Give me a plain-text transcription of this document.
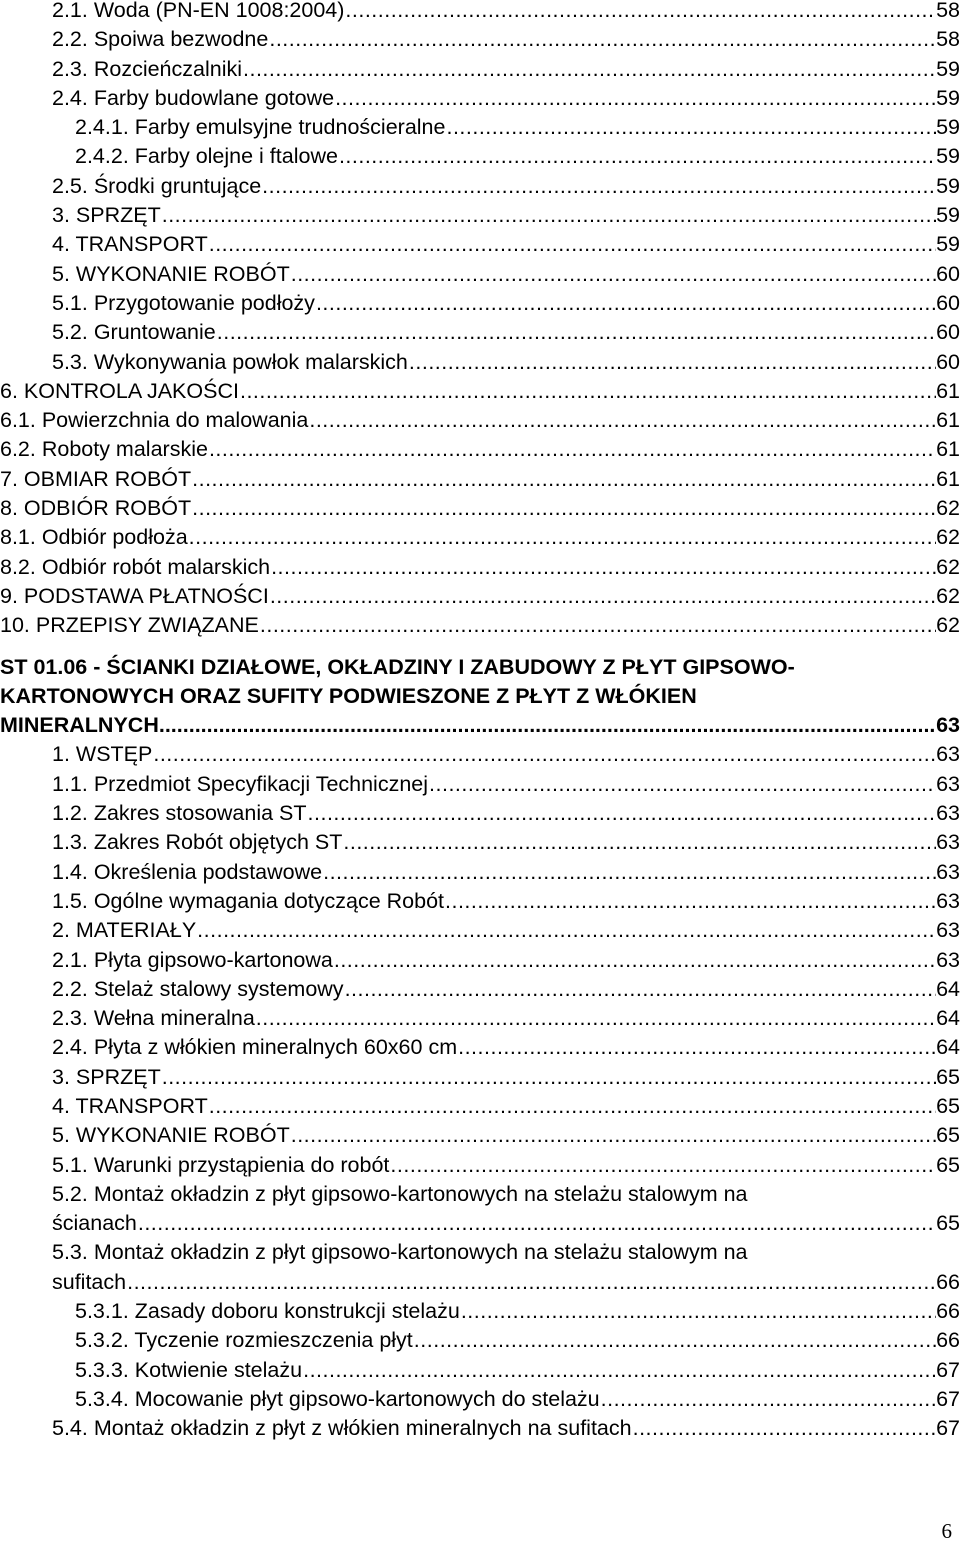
2.1. Woda (PN-EN 1008:2004) .....	58
2.2. Spoiwa bezwodne .....	58
2.3. Rozcieńczalniki .....	59
2.4. Farby budowlane gotowe .....	59
2.4.1. Farby emulsyjne trudnościeralne .....	59
2.4.2. Farby olejne i ftalowe .....	59
2.5. Środki gruntujące .....	59
3. SPRZĘT .....	59
4. TRANSPORT .....	59
5. WYKONANIE ROBÓT .....	60
5.1. Przygotowanie podłoży .....	60
5.2. Gruntowanie .....	60
5.3. Wykonywania powłok malarskich .....	60
6. KONTROLA JAKOŚCI .....	61
6.1. Powierzchnia do malowania .....	61
6.2. Roboty malarskie .....	61
7. OBMIAR ROBÓT .....	61
8. ODBIÓR ROBÓT .....	62
8.1. Odbiór podłoża .....	62
8.2. Odbiór robót malarskich .....	62
9. PODSTAWA PŁATNOŚCI .....	62
10. PRZEPISY ZWIĄZANE .....	62
ST 01.06 - ŚCIANKI DZIAŁOWE, OKŁADZINY I ZABUDOWY Z PŁYT GIPSOWO-
KARTONOWYCH ORAZ SUFITY PODWIESZONE Z PŁYT Z WŁÓKIEN
MINERALNYCH .....	63
1. WSTĘP .....	63
1.1. Przedmiot Specyfikacji Technicznej .....	63
1.2. Zakres stosowania ST .....	63
1.3. Zakres Robót objętych ST .....	63
1.4. Określenia podstawowe .....	63
1.5. Ogólne wymagania dotyczące Robót .....	63
2. MATERIAŁY .....	63
2.1. Płyta gipsowo-kartonowa .....	63
2.2. Stelaż stalowy systemowy .....	64
2.3. Wełna mineralna .....	64
2.4. Płyta z włókien mineralnych 60x60 cm .....	64
3. SPRZĘT .....	65
4. TRANSPORT .....	65
5. WYKONANIE ROBÓT .....	65
5.1. Warunki przystąpienia do robót .....	65
5.2. Montaż okładzin z płyt gipsowo-kartonowych na stelażu stalowym na
ścianach .....	65
5.3. Montaż okładzin z płyt gipsowo-kartonowych na stelażu stalowym na
sufitach .....	66
5.3.1. Zasady doboru konstrukcji stelażu .....	66
5.3.2. Tyczenie rozmieszczenia płyt .....	66
5.3.3. Kotwienie stelażu .....	67
5.3.4. Mocowanie płyt gipsowo-kartonowych do stelażu .....	67
5.4. Montaż okładzin z płyt z włókien mineralnych na sufitach .....	67
6
